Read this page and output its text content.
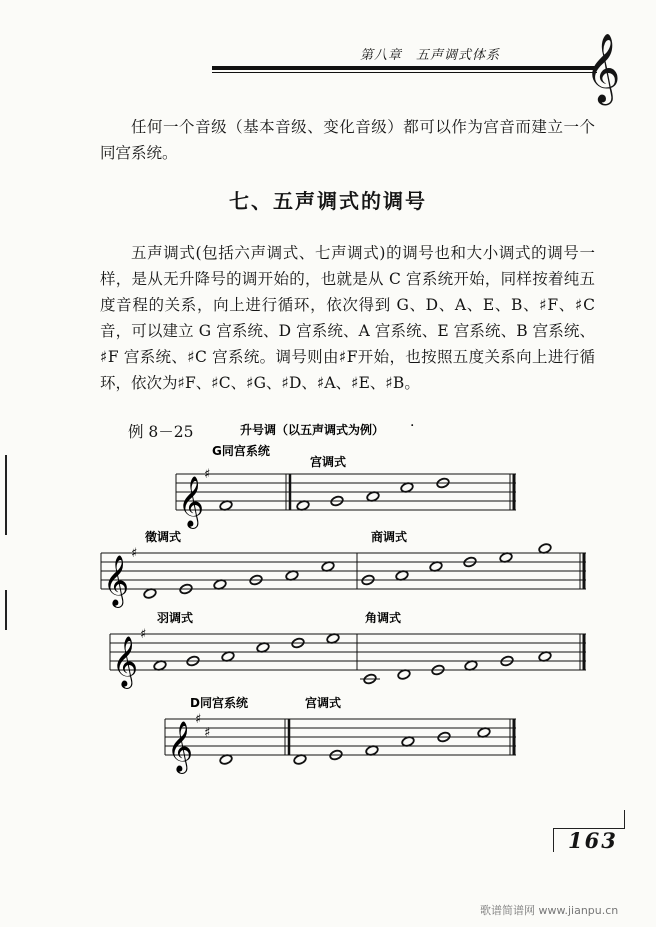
第八章　五声调式体系 𝄞
任何一个音级（基本音级、变化音级）都可以作为宫音而建立一个同宫系统。
七、五声调式的调号
五声调式(包括六声调式、七声调式)的调号也和大小调式的调号一样，是从无升降号的调开始的，也就是从 C 宫系统开始，同样按着纯五度音程的关系，向上进行循环，依次得到 G、D、A、E、B、♯F、♯C 音，可以建立 G 宫系统、D 宫系统、A 宫系统、E 宫系统、B 宫系统、♯F 宫系统、♯C 宫系统。调号则由♯F开始，也按照五度关系向上进行循环，依次为♯F、♯C、♯G、♯D、♯A、♯E、♯B。
例 8－25	升号调（以五声调式为例）
G同宫系统
宫调式
徵调式	商调式
羽调式	角调式
D同宫系统	宫调式
·
𝄞
♯
𝄞
♯
𝄞
♯
𝄞
♯
♯
163
歌谱简谱网 www.jianpu.cn
